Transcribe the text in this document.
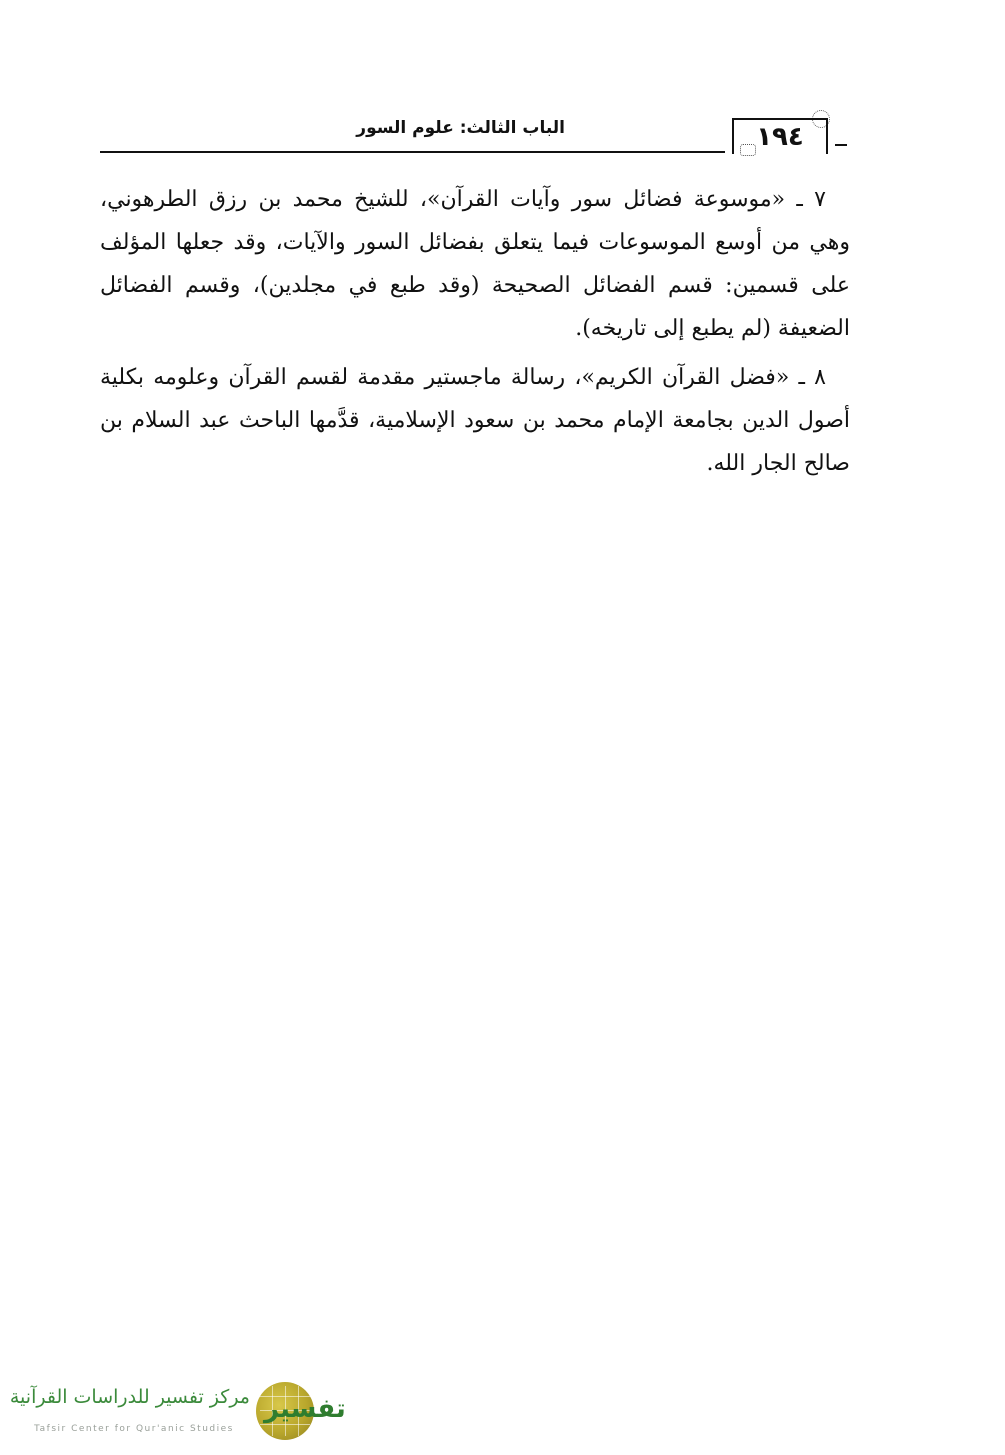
١٩٤
الباب الثالث: علوم السور

٧ ـ «موسوعة فضائل سور وآيات القرآن»، للشيخ محمد بن رزق الطرهوني، وهي من أوسع الموسوعات فيما يتعلق بفضائل السور والآيات، وقد جعلها المؤلف على قسمين: قسم الفضائل الصحيحة (وقد طبع في مجلدين)، وقسم الفضائل الضعيفة (لم يطبع إلى تاريخه).

٨ ـ «فضل القرآن الكريم»، رسالة ماجستير مقدمة لقسم القرآن وعلومه بكلية أصول الدين بجامعة الإمام محمد بن سعود الإسلامية، قدَّمها الباحث عبد السلام بن صالح الجار الله.

مركز تفسير للدراسات القرآنية
Tafsir Center for Qur'anic Studies
تفسير
